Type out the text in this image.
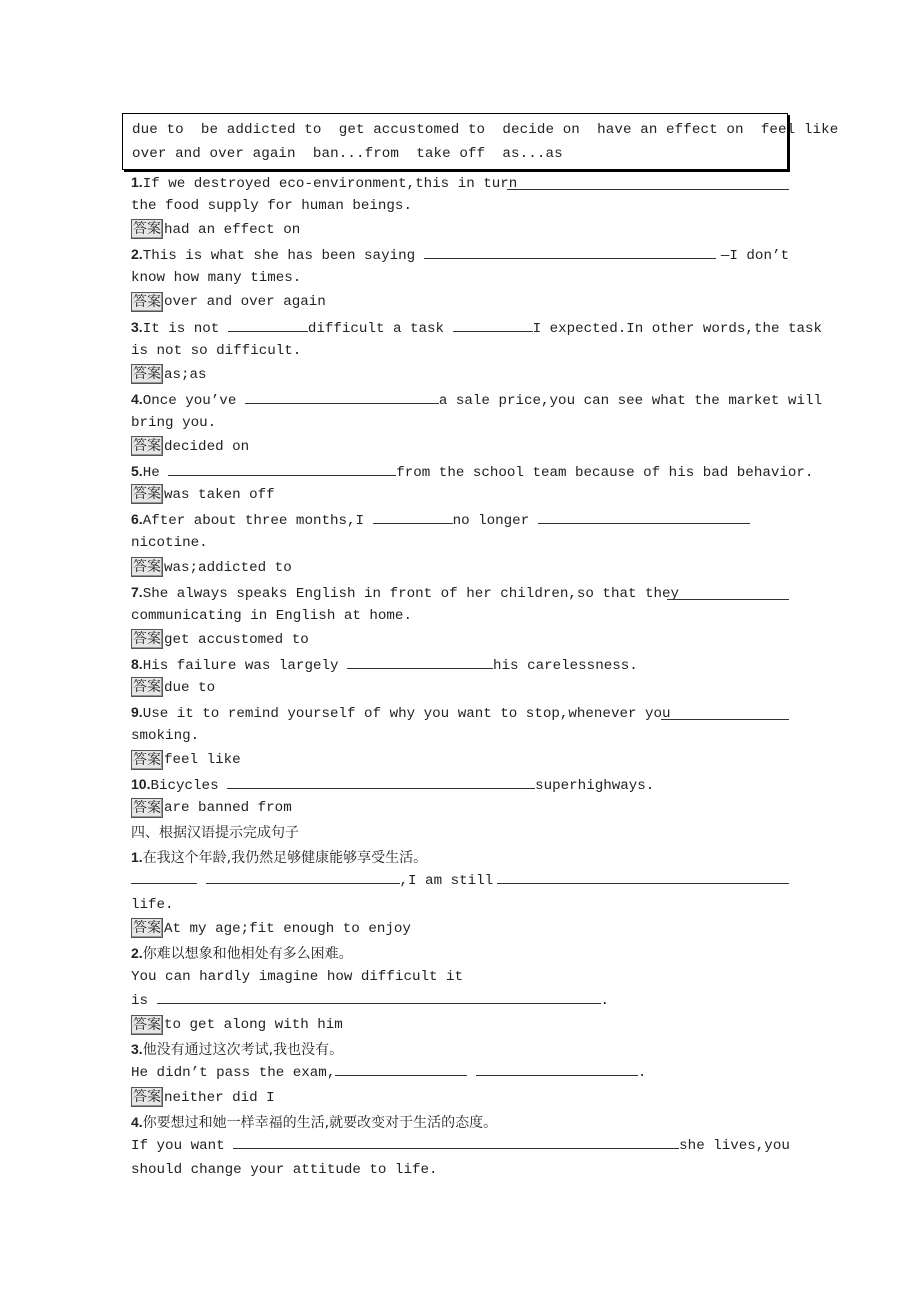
due to  be addicted to  get accustomed to  decide on  have an effect on  feel like
over and over again  ban...from  take off  as...as
1.If we destroyed eco-environment,this in turn
the food supply for human beings.
答案 had an effect on
2.This is what she has been saying	—I don’t
know how many times.
答案 over and over again
3.It is not	difficult a task	I expected.In other words,the task
is not so difficult.
答案 as;as
4.Once you’ve	a sale price,you can see what the market will
bring you.
答案 decided on
5.He	from the school team because of his bad behavior.
答案 was taken off
6.After about three months,I	no longer
nicotine.
答案 was;addicted to
7.She always speaks English in front of her children,so that they
communicating in English at home.
答案 get accustomed to
8.His failure was largely	his carelessness.
答案 due to
9.Use it to remind yourself of why you want to stop,whenever you
smoking.
答案 feel like
10.Bicycles	superhighways.
答案 are banned from
四、根据汉语提示完成句子
1.在我这个年龄,我仍然足够健康能够享受生活。
,I am still
life.
答案 At my age;fit enough to enjoy
2.你难以想象和他相处有多么困难。
You can hardly imagine how difficult it
is	.
答案 to get along with him
3.他没有通过这次考试,我也没有。
He didn’t pass the exam,	.
答案 neither did I
4.你要想过和她一样幸福的生活,就要改变对于生活的态度。
If you want	she lives,you
should change your attitude to life.
